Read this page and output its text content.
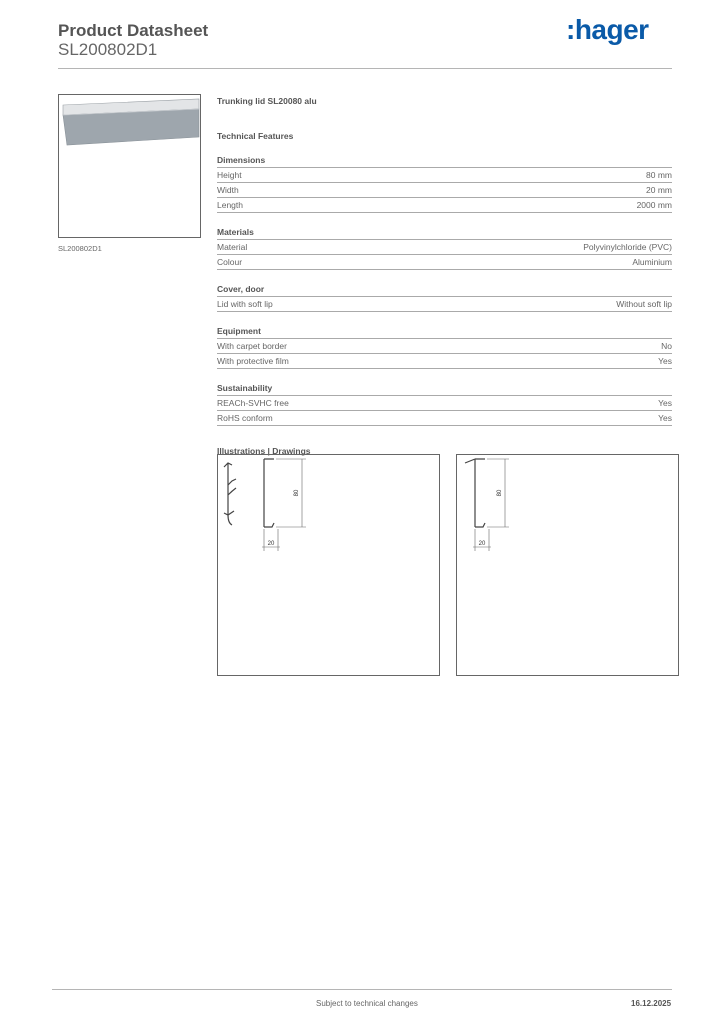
Product Datasheet
SL200802D1
:hager
SL200802D1
Trunking lid SL20080 alu
Technical Features
Dimensions
Height	80 mm
Width	20 mm
Length	2000 mm
Materials
Material	Polyvinylchloride (PVC)
Colour	Aluminium
Cover, door
Lid with soft lip	Without soft lip
Equipment
With carpet border	No
With protective film	Yes
Sustainability
REACh-SVHC free	Yes
RoHS conform	Yes
Illustrations | Drawings
80
20
80
20
Subject to technical changes	16.12.2025
